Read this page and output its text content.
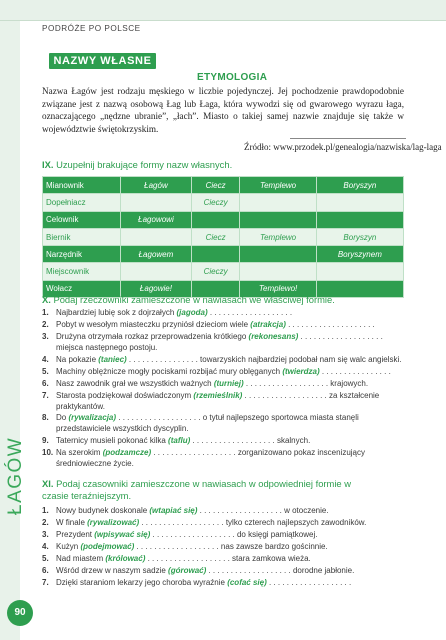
PODRÓŻE PO POLSCE
NAZWY WŁASNE
ETYMOLOGIA
Nazwa Łagów jest rodzaju męskiego w liczbie pojedynczej. Jej pochodzenie prawdopodobnie związane jest z nazwą osobową Łag lub Łaga, która wywodzi się od gwarowego wyrazu łaga, oznaczającego „nędzne ubranie”, „łach”. Miasto o takiej samej nazwie znajduje się także w województwie świętokrzyskim.
Źródło: www.przodek.pl/genealogia/nazwiska/lag-laga
IX. Uzupełnij brakujące formy nazw własnych.
Mianownik	Łagów	Ciecz	Templewo	Boryszyn
Dopełniacz		Cieczy		
Celownik	Łagowowi			
Biernik		Ciecz	Templewo	Boryszyn
Narzędnik	Łagowem			Boryszynem
Miejscownik		Cieczy		
Wołacz	Łagowie!		Templewo!	
X. Podaj rzeczowniki zamieszczone w nawiasach we właściwej formie.
1. Najbardziej lubię sok z dojrzałych (jagoda) . . . . . . . . . . . . . . . . . . .
2. Pobyt w wesołym miasteczku przyniósł dzieciom wiele (atrakcja) . . . . . . . . . . . . . . . . . . . .
3. Drużyna otrzymała rozkaz przeprowadzenia krótkiego (rekonesans) . . . . . . . . . . . . . . . . . . . miejsca następnego postoju.
4. Na pokazie (taniec) . . . . . . . . . . . . . . . . towarzyskich najbardziej podobał nam się walc angielski.
5. Machiny oblężnicze mogły pociskami rozbijać mury oblęganych (twierdza) . . . . . . . . . . . . . . . .
6. Nasz zawodnik grał we wszystkich ważnych (turniej) . . . . . . . . . . . . . . . . . . . krajowych.
7. Starosta podziękował doświadczonym (rzemieślnik) . . . . . . . . . . . . . . . . . . . za kształcenie praktykantów.
8. Do (rywalizacja) . . . . . . . . . . . . . . . . . . . o tytuł najlepszego sportowca miasta stanęli przedstawiciele wszystkich dyscyplin.
9. Taternicy musieli pokonać kilka (taflu) . . . . . . . . . . . . . . . . . . . skalnych.
10. Na szerokim (podzamcze) . . . . . . . . . . . . . . . . . . . zorganizowano pokaz inscenizujący średniowieczne życie.
XI. Podaj czasowniki zamieszczone w nawiasach w odpowiedniej formie w czasie teraźniejszym.
1. Nowy budynek doskonale (wtapiać się) . . . . . . . . . . . . . . . . . . . w otoczenie.
2. W finale (rywalizować) . . . . . . . . . . . . . . . . . . . tylko czterech najlepszych zawodników.
3. Prezydent (wpisywać się) . . . . . . . . . . . . . . . . . . . do księgi pamiątkowej.
4. Kużyn (podejmować) . . . . . . . . . . . . . . . . . . . nas zawsze bardzo gościnnie.
5. Nad miastem (królować) . . . . . . . . . . . . . . . . . . . stara zamkowa wieża.
6. Wśród drzew w naszym sadzie (górować) . . . . . . . . . . . . . . . . . . . dorodne jabłonie.
7. Dzięki staraniom lekarzy jego choroba wyraźnie (cofać się) . . . . . . . . . . . . . . . . . . .
ŁAGÓW
90
